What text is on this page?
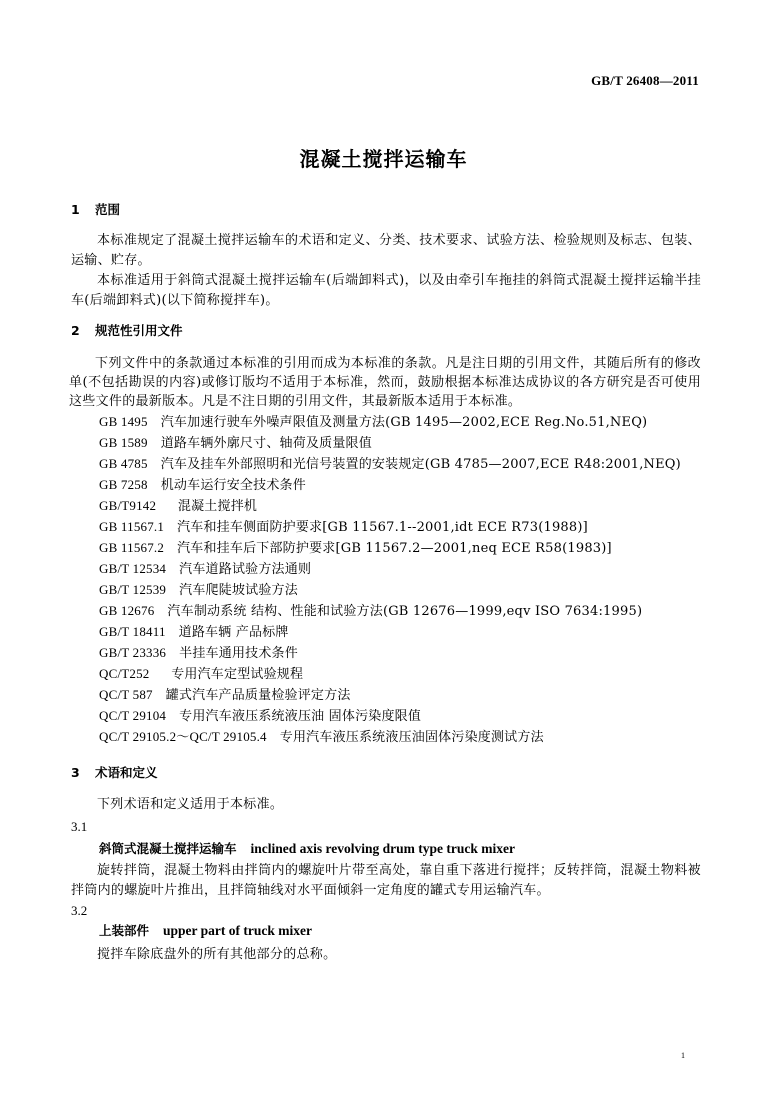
GB/T 26408—2011
混凝土搅拌运输车
1 范围

本标准规定了混凝土搅拌运输车的术语和定义、分类、技术要求、试验方法、检验规则及标志、包装、运输、贮存。

本标准适用于斜筒式混凝土搅拌运输车(后端卸料式)，以及由牵引车拖挂的斜筒式混凝土搅拌运输半挂车(后端卸料式)(以下简称搅拌车)。

2 规范性引用文件

下列文件中的条款通过本标准的引用而成为本标准的条款。凡是注日期的引用文件，其随后所有的修改单(不包括勘误的内容)或修订版均不适用于本标准，然而，鼓励根据本标准达成协议的各方研究是否可使用这些文件的最新版本。凡是不注日期的引用文件，其最新版本适用于本标准。

GB 1495 汽车加速行驶车外噪声限值及测量方法(GB 1495—2002,ECE Reg.No.51,NEQ)
GB 1589 道路车辆外廓尺寸、轴荷及质量限值
GB 4785 汽车及挂车外部照明和光信号装置的安装规定(GB 4785—2007,ECE R48:2001,NEQ)
GB 7258 机动车运行安全技术条件
GB/T9142 混凝土搅拌机
GB 11567.1 汽车和挂车侧面防护要求[GB 11567.1--2001,idt ECE R73(1988)]
GB 11567.2 汽车和挂车后下部防护要求[GB 11567.2—2001,neq ECE R58(1983)]
GB/T 12534 汽车道路试验方法通则
GB/T 12539 汽车爬陡坡试验方法
GB 12676 汽车制动系统 结构、性能和试验方法(GB 12676—1999,eqv ISO 7634:1995)
GB/T 18411 道路车辆 产品标牌
GB/T 23336 半挂车通用技术条件
QC/T252 专用汽车定型试验规程
QC/T 587 罐式汽车产品质量检验评定方法
QC/T 29104 专用汽车液压系统液压油 固体污染度限值
QC/T 29105.2～QC/T 29105.4 专用汽车液压系统液压油固体污染度测试方法
3 术语和定义

下列术语和定义适用于本标准。

3.1
斜筒式混凝土搅拌运输车 inclined axis revolving drum type truck mixer

旋转拌筒，混凝土物料由拌筒内的螺旋叶片带至高处，靠自重下落进行搅拌；反转拌筒，混凝土物料被拌筒内的螺旋叶片推出，且拌筒轴线对水平面倾斜一定角度的罐式专用运输汽车。

3.2
上装部件 upper part of truck mixer

搅拌车除底盘外的所有其他部分的总称。

1
